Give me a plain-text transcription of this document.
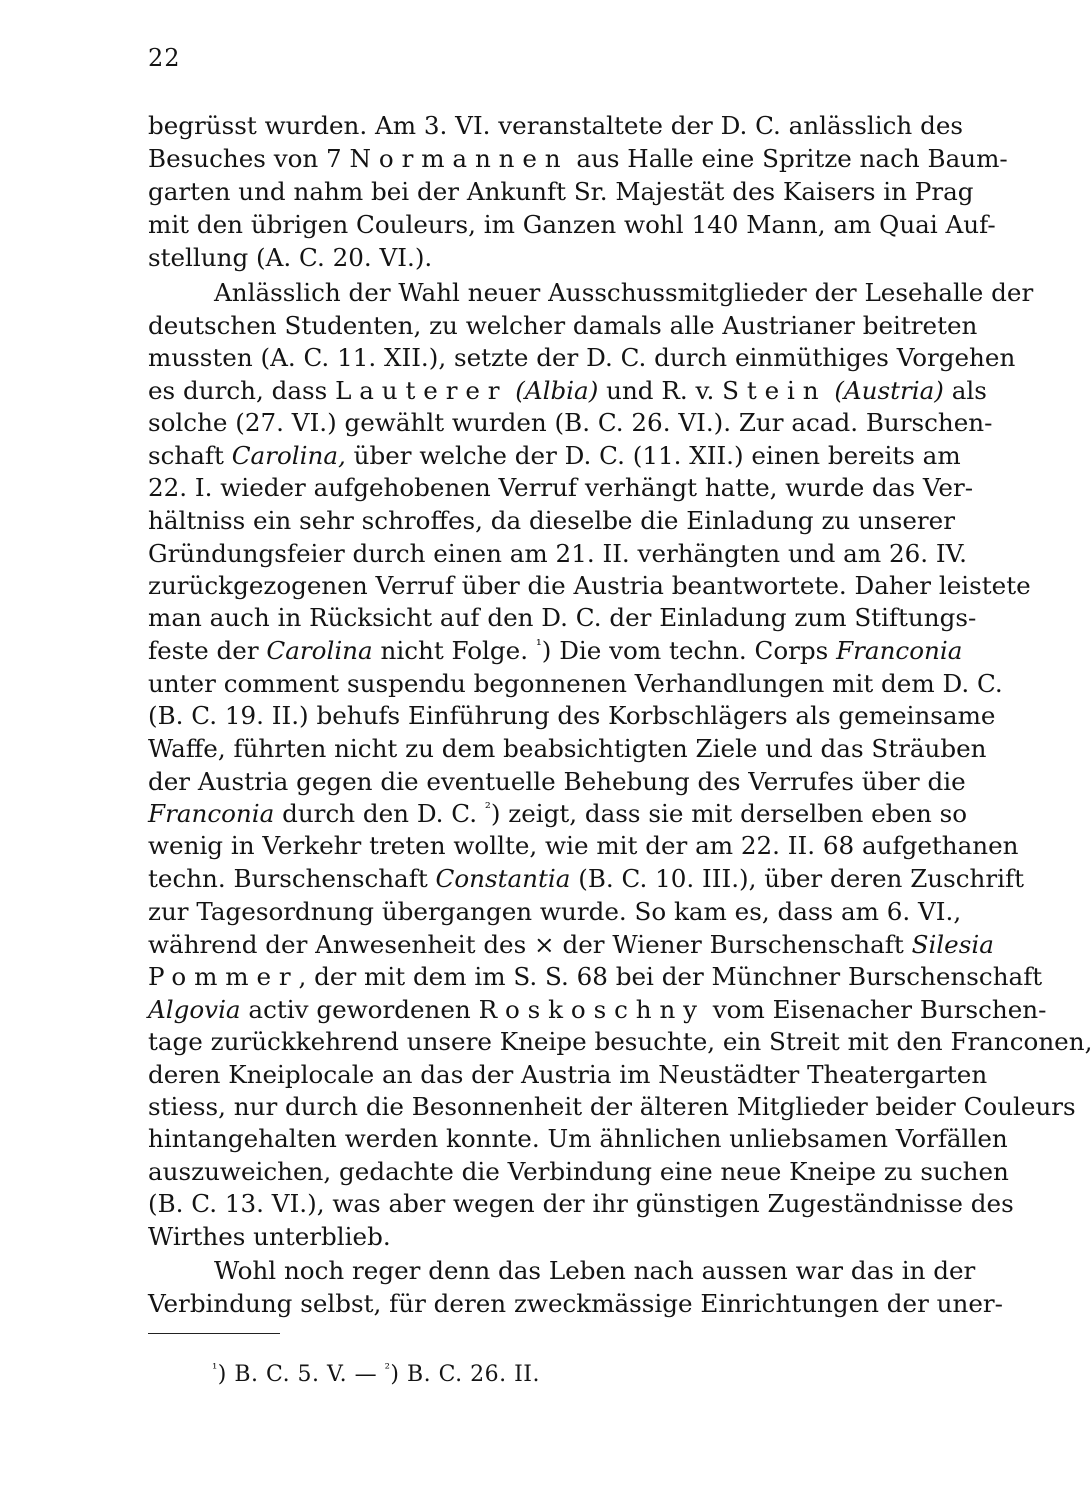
22
begrüsst wurden. Am 3. VI. veranstaltete der D. C. anlässlich des
Besuches von 7 Normannen aus Halle eine Spritze nach Baum-
garten und nahm bei der Ankunft Sr. Majestät des Kaisers in Prag
mit den übrigen Couleurs, im Ganzen wohl 140 Mann, am Quai Auf-
stellung (A. C. 20. VI.).
Anlässlich der Wahl neuer Ausschussmitglieder der Lesehalle der
deutschen Studenten, zu welcher damals alle Austrianer beitreten
mussten (A. C. 11. XII.), setzte der D. C. durch einmüthiges Vorgehen
es durch, dass Lauterer (Albia) und R. v. Stein (Austria) als
solche (27. VI.) gewählt wurden (B. C. 26. VI.). Zur acad. Burschen-
schaft Carolina, über welche der D. C. (11. XII.) einen bereits am
22. I. wieder aufgehobenen Verruf verhängt hatte, wurde das Ver-
hältniss ein sehr schroffes, da dieselbe die Einladung zu unserer
Gründungsfeier durch einen am 21. II. verhängten und am 26. IV.
zurückgezogenen Verruf über die Austria beantwortete. Daher leistete
man auch in Rücksicht auf den D. C. der Einladung zum Stiftungs-
feste der Carolina nicht Folge. $^{^1}$) Die vom techn. Corps Franconia
unter comment suspendu begonnenen Verhandlungen mit dem D. C.
(B. C. 19. II.) behufs Einführung des Korbschlägers als gemeinsame
Waffe, führten nicht zu dem beabsichtigten Ziele und das Sträuben
der Austria gegen die eventuelle Behebung des Verrufes über die
Franconia durch den D. C. $^{^2}$) zeigt, dass sie mit derselben eben so
wenig in Verkehr treten wollte, wie mit der am 22. II. 68 aufgethanen
techn. Burschenschaft Constantia (B. C. 10. III.), über deren Zuschrift
zur Tagesordnung übergangen wurde. So kam es, dass am 6. VI.,
während der Anwesenheit des × der Wiener Burschenschaft Silesia
Pommer, der mit dem im S. S. 68 bei der Münchner Burschenschaft
Algovia activ gewordenen Roskoschny vom Eisenacher Burschen-
tage zurückkehrend unsere Kneipe besuchte, ein Streit mit den Franconen,
deren Kneiplocale an das der Austria im Neustädter Theatergarten
stiess, nur durch die Besonnenheit der älteren Mitglieder beider Couleurs
hintangehalten werden konnte. Um ähnlichen unliebsamen Vorfällen
auszuweichen, gedachte die Verbindung eine neue Kneipe zu suchen
(B. C. 13. VI.), was aber wegen der ihr günstigen Zugeständnisse des
Wirthes unterblieb.
Wohl noch reger denn das Leben nach aussen war das in der
Verbindung selbst, für deren zweckmässige Einrichtungen der uner-
$^{^1}$) B. C. 5. V. — $^{^2}$) B. C. 26. II.
